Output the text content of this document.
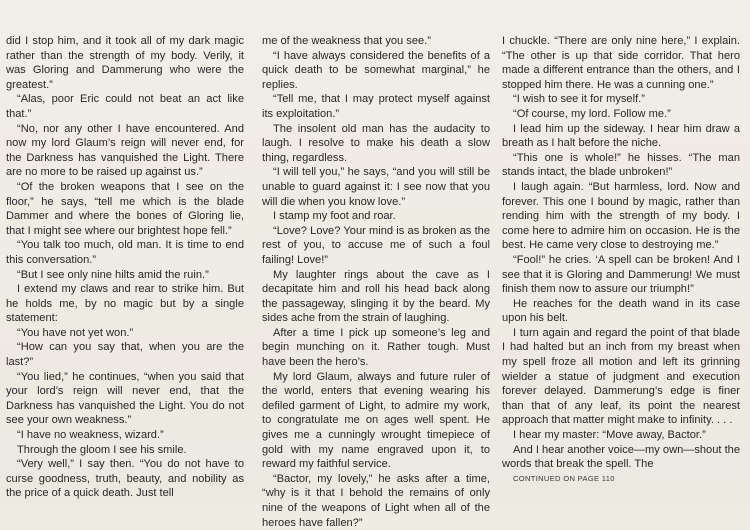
did I stop him, and it took all of my dark magic rather than the strength of my body. Verily, it was Gloring and Dammerung who were the greatest.”

“Alas, poor Eric could not beat an act like that.”

“No, nor any other I have encountered. And now my lord Glaum’s reign will never end, for the Darkness has vanquished the Light. There are no more to be raised up against us.”

“Of the broken weapons that I see on the floor,” he says, “tell me which is the blade Dammer and where the bones of Gloring lie, that I might see where our brightest hope fell.”

“You talk too much, old man. It is time to end this conversation.”

“But I see only nine hilts amid the ruin.”

I extend my claws and rear to strike him. But he holds me, by no magic but by a single statement:

“You have not yet won.”

“How can you say that, when you are the last?”

“You lied,” he continues, “when you said that your lord’s reign will never end, that the Darkness has vanquished the Light. You do not see your own weakness.”

“I have no weakness, wizard.”

Through the gloom I see his smile.

“Very well,” I say then. “You do not have to curse goodness, truth, beauty, and nobility as the price of a quick death. Just tell

me of the weakness that you see.”

“I have always considered the benefits of a quick death to be somewhat marginal,” he replies.

“Tell me, that I may protect myself against its exploitation.”

The insolent old man has the audacity to laugh. I resolve to make his death a slow thing, regardless.

“I will tell you,” he says, “and you will still be unable to guard against it: I see now that you will die when you know love.”

I stamp my foot and roar.

“Love? Love? Your mind is as broken as the rest of you, to accuse me of such a foul failing! Love!”

My laughter rings about the cave as I decapitate him and roll his head back along the passageway, slinging it by the beard. My sides ache from the strain of laughing.

After a time I pick up someone’s leg and begin munching on it. Rather tough. Must have been the hero’s.

My lord Glaum, always and future ruler of the world, enters that evening wearing his defiled garment of Light, to admire my work, to congratulate me on ages well spent. He gives me a cunningly wrought timepiece of gold with my name engraved upon it, to reward my faithful service.

“Bactor, my lovely,” he asks after a time, “why is it that I behold the remains of only nine of the weapons of Light when all of the heroes have fallen?”

I chuckle. “There are only nine here,” I explain. “The other is up that side corridor. That hero made a different entrance than the others, and I stopped him there. He was a cunning one.”

“I wish to see it for myself.”

“Of course, my lord. Follow me.”

I lead him up the sideway. I hear him draw a breath as I halt before the niche.

“This one is whole!” he hisses. “The man stands intact, the blade unbroken!”

I laugh again. “But harmless, lord. Now and forever. This one I bound by magic, rather than rending him with the strength of my body. I come here to admire him on occasion. He is the best. He came very close to destroying me.”

“Fool!” he cries. ‘A spell can be broken! And I see that it is Gloring and Dammerung! We must finish them now to assure our triumph!”

He reaches for the death wand in its case upon his belt.

I turn again and regard the point of that blade I had halted but an inch from my breast when my spell froze all motion and left its grinning wielder a statue of judgment and execution forever delayed. Dammerung’s edge is finer than that of any leaf, its point the nearest approach that matter might make to infinity. . . .

I hear my master: “Move away, Bactor.”

And I hear another voice—my own—shout the words that break the spell. The

CONTINUED ON PAGE 110
